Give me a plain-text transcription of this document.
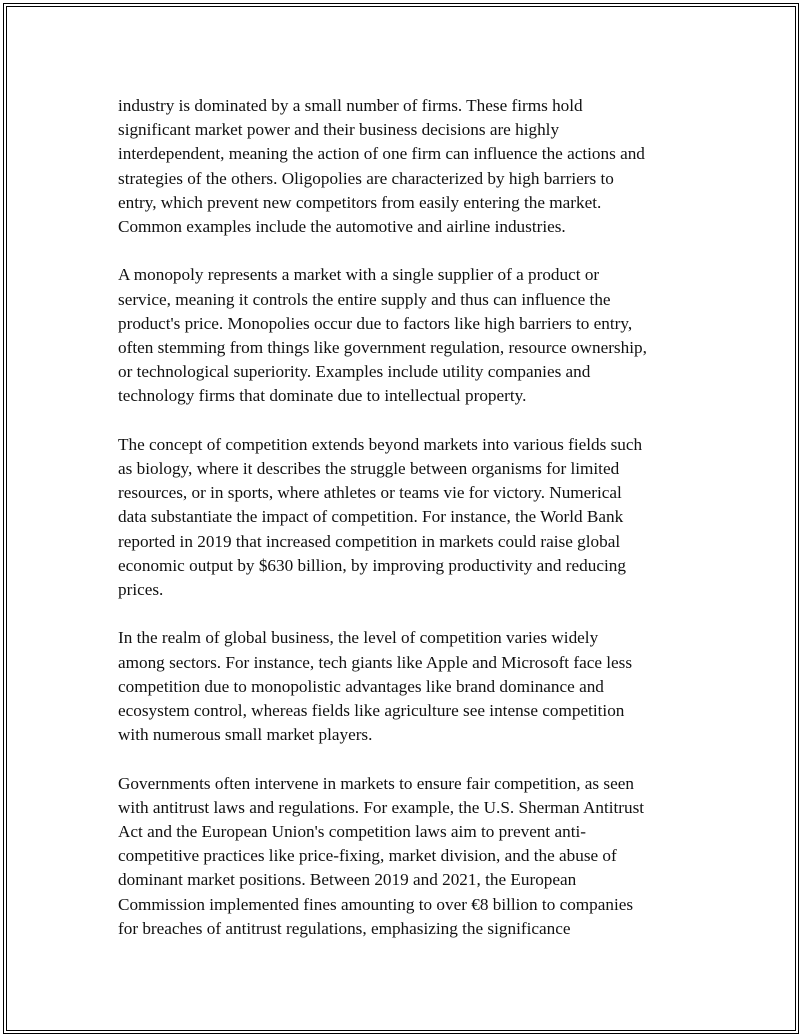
industry is dominated by a small number of firms. These firms hold
significant market power and their business decisions are highly
interdependent, meaning the action of one firm can influence the actions and
strategies of the others. Oligopolies are characterized by high barriers to
entry, which prevent new competitors from easily entering the market.
Common examples include the automotive and airline industries.

A monopoly represents a market with a single supplier of a product or
service, meaning it controls the entire supply and thus can influence the
product's price. Monopolies occur due to factors like high barriers to entry,
often stemming from things like government regulation, resource ownership,
or technological superiority. Examples include utility companies and
technology firms that dominate due to intellectual property.

The concept of competition extends beyond markets into various fields such
as biology, where it describes the struggle between organisms for limited
resources, or in sports, where athletes or teams vie for victory. Numerical
data substantiate the impact of competition. For instance, the World Bank
reported in 2019 that increased competition in markets could raise global
economic output by $630 billion, by improving productivity and reducing
prices.

In the realm of global business, the level of competition varies widely
among sectors. For instance, tech giants like Apple and Microsoft face less
competition due to monopolistic advantages like brand dominance and
ecosystem control, whereas fields like agriculture see intense competition
with numerous small market players.

Governments often intervene in markets to ensure fair competition, as seen
with antitrust laws and regulations. For example, the U.S. Sherman Antitrust
Act and the European Union's competition laws aim to prevent anti-
competitive practices like price-fixing, market division, and the abuse of
dominant market positions. Between 2019 and 2021, the European
Commission implemented fines amounting to over €8 billion to companies
for breaches of antitrust regulations, emphasizing the significance
